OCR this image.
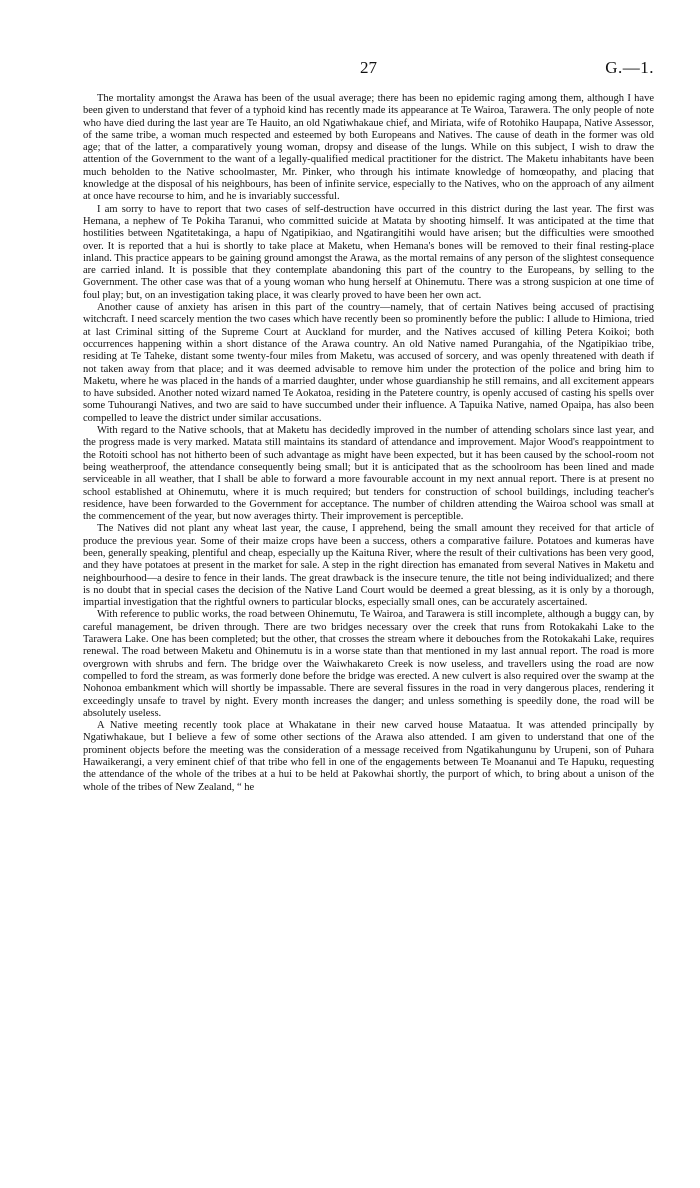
27	G.—1.

The mortality amongst the Arawa has been of the usual average; there has been no epidemic raging among them, although I have been given to understand that fever of a typhoid kind has recently made its appearance at Te Wairoa, Tarawera. The only people of note who have died during the last year are Te Hauito, an old Ngatiwhakaue chief, and Miriata, wife of Rotohiko Haupapa, Native Assessor, of the same tribe, a woman much respected and esteemed by both Europeans and Natives. The cause of death in the former was old age; that of the latter, a comparatively young woman, dropsy and disease of the lungs. While on this subject, I wish to draw the attention of the Government to the want of a legally-qualified medical practitioner for the district. The Maketu inhabitants have been much beholden to the Native schoolmaster, Mr. Pinker, who through his intimate knowledge of homœopathy, and placing that knowledge at the disposal of his neighbours, has been of infinite service, especially to the Natives, who on the approach of any ailment at once have recourse to him, and he is invariably successful.

I am sorry to have to report that two cases of self-destruction have occurred in this district during the last year. The first was Hemana, a nephew of Te Pokiha Taranui, who committed suicide at Matata by shooting himself. It was anticipated at the time that hostilities between Ngatitetakinga, a hapu of Ngatipikiao, and Ngatirangitihi would have arisen; but the difficulties were smoothed over. It is reported that a hui is shortly to take place at Maketu, when Hemana's bones will be removed to their final resting-place inland. This practice appears to be gaining ground amongst the Arawa, as the mortal remains of any person of the slightest consequence are carried inland. It is possible that they contemplate abandoning this part of the country to the Europeans, by selling to the Government. The other case was that of a young woman who hung herself at Ohinemutu. There was a strong suspicion at one time of foul play; but, on an investigation taking place, it was clearly proved to have been her own act.

Another cause of anxiety has arisen in this part of the country—namely, that of certain Natives being accused of practising witchcraft. I need scarcely mention the two cases which have recently been so prominently before the public: I allude to Himiona, tried at last Criminal sitting of the Supreme Court at Auckland for murder, and the Natives accused of killing Petera Koikoi; both occurrences happening within a short distance of the Arawa country. An old Native named Purangahia, of the Ngatipikiao tribe, residing at Te Taheke, distant some twenty-four miles from Maketu, was accused of sorcery, and was openly threatened with death if not taken away from that place; and it was deemed advisable to remove him under the protection of the police and bring him to Maketu, where he was placed in the hands of a married daughter, under whose guardianship he still remains, and all excitement appears to have subsided. Another noted wizard named Te Aokatoa, residing in the Patetere country, is openly accused of casting his spells over some Tuhourangi Natives, and two are said to have succumbed under their influence. A Tapuika Native, named Opaipa, has also been compelled to leave the district under similar accusations.

With regard to the Native schools, that at Maketu has decidedly improved in the number of attending scholars since last year, and the progress made is very marked. Matata still maintains its standard of attendance and improvement. Major Wood's reappointment to the Rotoiti school has not hitherto been of such advantage as might have been expected, but it has been caused by the school-room not being weatherproof, the attendance consequently being small; but it is anticipated that as the schoolroom has been lined and made serviceable in all weather, that I shall be able to forward a more favourable account in my next annual report. There is at present no school established at Ohinemutu, where it is much required; but tenders for construction of school buildings, including teacher's residence, have been forwarded to the Government for acceptance. The number of children attending the Wairoa school was small at the commencement of the year, but now averages thirty. Their improvement is perceptible.

The Natives did not plant any wheat last year, the cause, I apprehend, being the small amount they received for that article of produce the previous year. Some of their maize crops have been a success, others a comparative failure. Potatoes and kumeras have been, generally speaking, plentiful and cheap, especially up the Kaituna River, where the result of their cultivations has been very good, and they have potatoes at present in the market for sale. A step in the right direction has emanated from several Natives in Maketu and neighbourhood—a desire to fence in their lands. The great drawback is the insecure tenure, the title not being individualized; and there is no doubt that in special cases the decision of the Native Land Court would be deemed a great blessing, as it is only by a thorough, impartial investigation that the rightful owners to particular blocks, especially small ones, can be accurately ascertained.

With reference to public works, the road between Ohinemutu, Te Wairoa, and Tarawera is still incomplete, although a buggy can, by careful management, be driven through. There are two bridges necessary over the creek that runs from Rotokakahi Lake to the Tarawera Lake. One has been completed; but the other, that crosses the stream where it debouches from the Rotokakahi Lake, requires renewal. The road between Maketu and Ohinemutu is in a worse state than that mentioned in my last annual report. The road is more overgrown with shrubs and fern. The bridge over the Waiwhakareto Creek is now useless, and travellers using the road are now compelled to ford the stream, as was formerly done before the bridge was erected. A new culvert is also required over the swamp at the Nohonoa embankment which will shortly be impassable. There are several fissures in the road in very dangerous places, rendering it exceedingly unsafe to travel by night. Every month increases the danger; and unless something is speedily done, the road will be absolutely useless.

A Native meeting recently took place at Whakatane in their new carved house Mataatua. It was attended principally by Ngatiwhakaue, but I believe a few of some other sections of the Arawa also attended. I am given to understand that one of the prominent objects before the meeting was the consideration of a message received from Ngatikahungunu by Urupeni, son of Puhara Hawaikerangi, a very eminent chief of that tribe who fell in one of the engagements between Te Moananui and Te Hapuku, requesting the attendance of the whole of the tribes at a hui to be held at Pakowhai shortly, the purport of which, to bring about a unison of the whole of the tribes of New Zealand, “ he
